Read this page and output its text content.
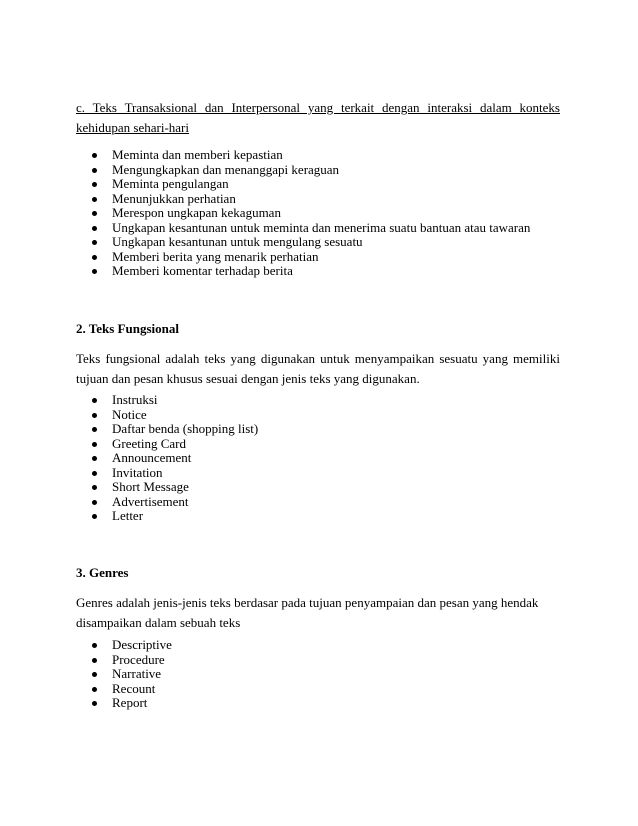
c. Teks Transaksional dan Interpersonal yang terkait dengan interaksi dalam konteks kehidupan sehari-hari

Meminta dan memberi kepastian
Mengungkapkan dan menanggapi keraguan
Meminta pengulangan
Menunjukkan perhatian
Merespon ungkapan kekaguman
Ungkapan kesantunan untuk meminta dan menerima suatu bantuan atau tawaran
Ungkapan kesantunan untuk mengulang sesuatu
Memberi berita yang menarik perhatian
Memberi komentar terhadap berita

2. Teks Fungsional

Teks fungsional adalah teks yang digunakan untuk menyampaikan sesuatu yang memiliki tujuan dan pesan khusus sesuai dengan jenis teks yang digunakan.

Instruksi
Notice
Daftar benda (shopping list)
Greeting Card
Announcement
Invitation
Short Message
Advertisement
Letter

3. Genres

Genres adalah jenis-jenis teks berdasar pada tujuan penyampaian dan pesan yang hendak disampaikan dalam sebuah teks

Descriptive
Procedure
Narrative
Recount
Report
